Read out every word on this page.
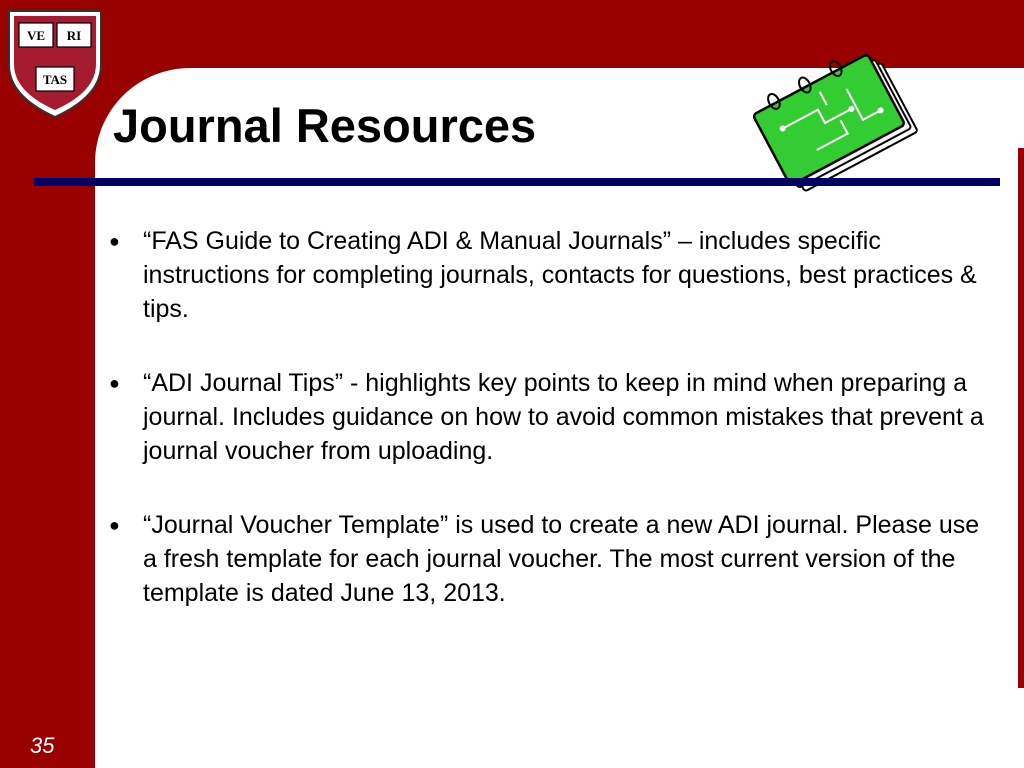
VE RI
TAS
Journal Resources
● “FAS Guide to Creating ADI & Manual Journals” – includes specific instructions for completing journals, contacts for questions, best practices & tips.
● “ADI Journal Tips” - highlights key points to keep in mind when preparing a journal. Includes guidance on how to avoid common mistakes that prevent a journal voucher from uploading.
● “Journal Voucher Template” is used to create a new ADI journal. Please use a fresh template for each journal voucher. The most current version of the template is dated June 13, 2013.
35
